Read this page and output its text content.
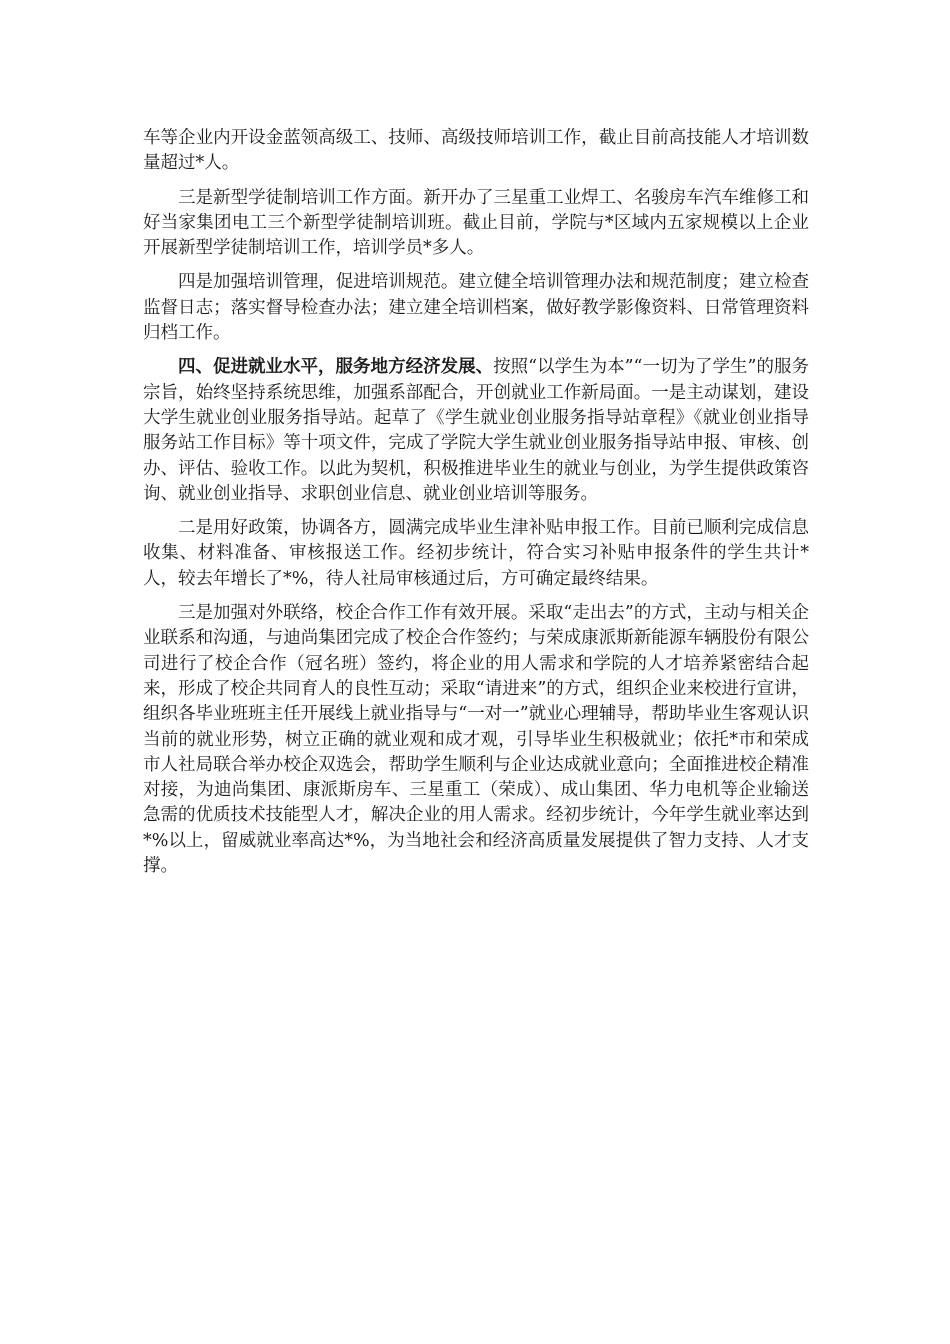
车等企业内开设金蓝领高级工、技师、高级技师培训工作，截止目前高技能人才培训数量超过*人。

三是新型学徒制培训工作方面。新开办了三星重工业焊工、名骏房车汽车维修工和好当家集团电工三个新型学徒制培训班。截止目前，学院与*区域内五家规模以上企业开展新型学徒制培训工作，培训学员*多人。

四是加强培训管理，促进培训规范。建立健全培训管理办法和规范制度；建立检查监督日志；落实督导检查办法；建立建全培训档案，做好教学影像资料、日常管理资料归档工作。

四、促进就业水平，服务地方经济发展、按照“以学生为本”“一切为了学生”的服务宗旨，始终坚持系统思维，加强系部配合，开创就业工作新局面。一是主动谋划，建设大学生就业创业服务指导站。起草了《学生就业创业服务指导站章程》《就业创业指导服务站工作目标》等十项文件，完成了学院大学生就业创业服务指导站申报、审核、创办、评估、验收工作。以此为契机，积极推进毕业生的就业与创业，为学生提供政策咨询、就业创业指导、求职创业信息、就业创业培训等服务。

二是用好政策，协调各方，圆满完成毕业生津补贴申报工作。目前已顺利完成信息收集、材料准备、审核报送工作。经初步统计，符合实习补贴申报条件的学生共计*人，较去年增长了*%，待人社局审核通过后，方可确定最终结果。

三是加强对外联络，校企合作工作有效开展。采取“走出去”的方式，主动与相关企业联系和沟通，与迪尚集团完成了校企合作签约；与荣成康派斯新能源车辆股份有限公司进行了校企合作（冠名班）签约，将企业的用人需求和学院的人才培养紧密结合起来，形成了校企共同育人的良性互动；采取“请进来”的方式，组织企业来校进行宣讲，组织各毕业班班主任开展线上就业指导与“一对一”就业心理辅导，帮助毕业生客观认识当前的就业形势，树立正确的就业观和成才观，引导毕业生积极就业；依托*市和荣成市人社局联合举办校企双选会，帮助学生顺利与企业达成就业意向；全面推进校企精准对接，为迪尚集团、康派斯房车、三星重工（荣成）、成山集团、华力电机等企业输送急需的优质技术技能型人才，解决企业的用人需求。经初步统计，今年学生就业率达到*%以上，留威就业率高达*%，为当地社会和经济高质量发展提供了智力支持、人才支撑。
